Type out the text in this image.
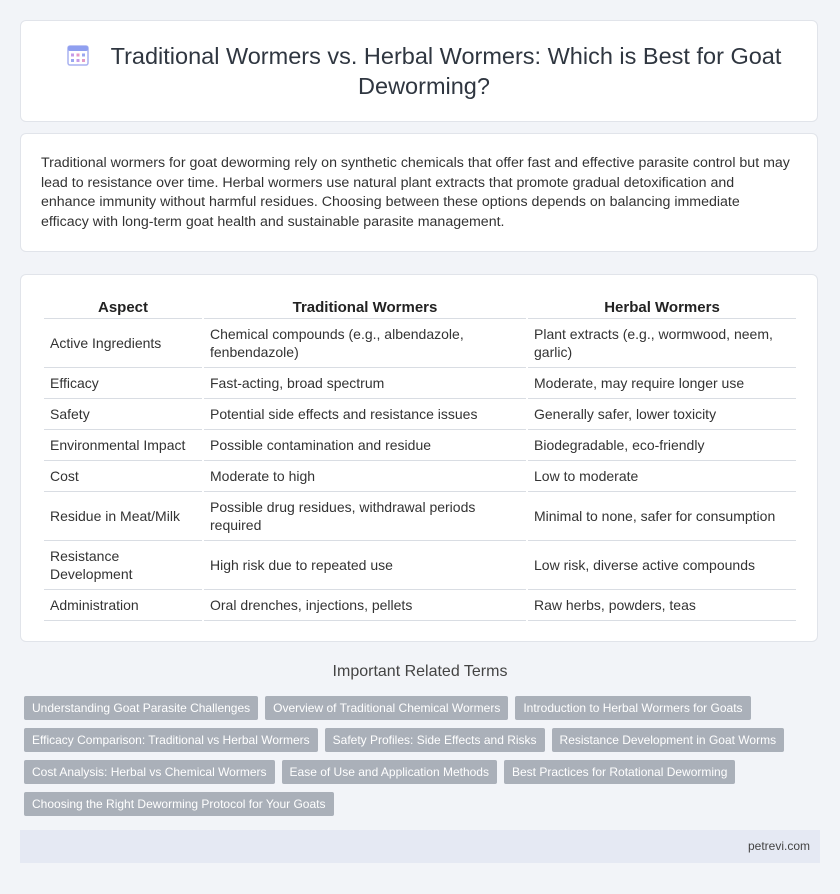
Traditional Wormers vs. Herbal Wormers: Which is Best for Goat Deworming?
Traditional wormers for goat deworming rely on synthetic chemicals that offer fast and effective parasite control but may lead to resistance over time. Herbal wormers use natural plant extracts that promote gradual detoxification and enhance immunity without harmful residues. Choosing between these options depends on balancing immediate efficacy with long-term goat health and sustainable parasite management.
Aspect	Traditional Wormers	Herbal Wormers
Active Ingredients	Chemical compounds (e.g., albendazole, fenbendazole)	Plant extracts (e.g., wormwood, neem, garlic)
Efficacy	Fast-acting, broad spectrum	Moderate, may require longer use
Safety	Potential side effects and resistance issues	Generally safer, lower toxicity
Environmental Impact	Possible contamination and residue	Biodegradable, eco-friendly
Cost	Moderate to high	Low to moderate
Residue in Meat/Milk	Possible drug residues, withdrawal periods required	Minimal to none, safer for consumption
Resistance Development	High risk due to repeated use	Low risk, diverse active compounds
Administration	Oral drenches, injections, pellets	Raw herbs, powders, teas
Important Related Terms
Understanding Goat Parasite Challenges Overview of Traditional Chemical Wormers Introduction to Herbal Wormers for GoatsEfficacy Comparison: Traditional vs Herbal Wormers Safety Profiles: Side Effects and Risks Resistance Development in Goat WormsCost Analysis: Herbal vs Chemical Wormers Ease of Use and Application Methods Best Practices for Rotational DewormingChoosing the Right Deworming Protocol for Your Goats
petrevi.com
